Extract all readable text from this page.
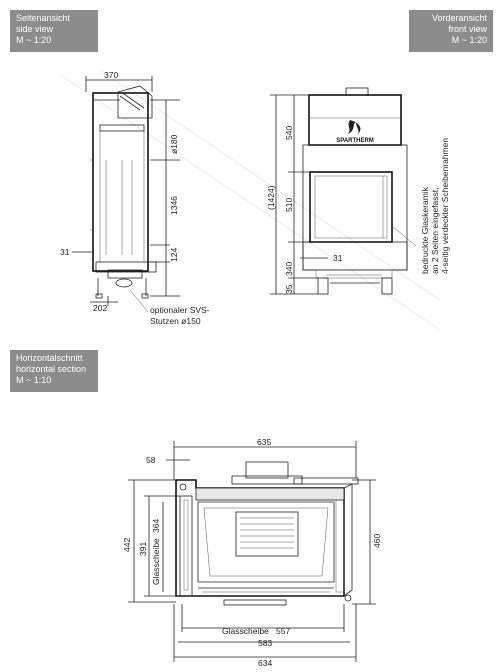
Seitenansicht
side view
M ~ 1:20
Vorderansicht
front view
M ~ 1:20
Horizontalschnitt
horizontal section
M ~ 1:10
370
ø180
1346
124
31
202	optionaler SVS-
Stutzen ø150
SPARTHERM
540
(1424) 510
340
35
31	bedruckte Glaskeramik an 2 Seiten eingefasst, 4-seitig verdeckter Scheibenrahmen
635
58
442 391 Glasscheibe
364
460
Glasscheibe 557
583
634
